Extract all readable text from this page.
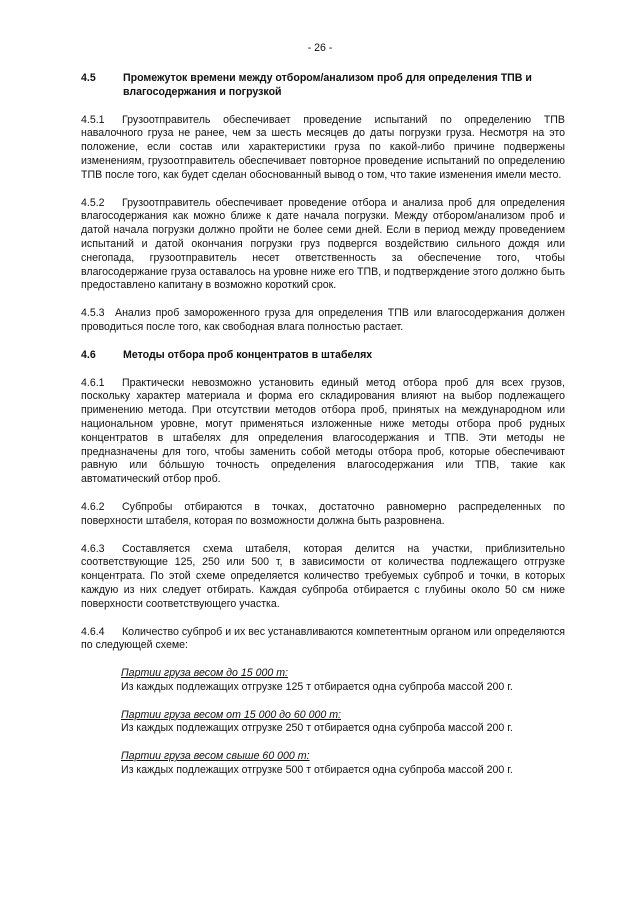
- 26 -
4.5	Промежуток времени между отбором/анализом проб для определения ТПВ и влагосодержания и погрузкой

4.5.1 Грузоотправитель обеспечивает проведение испытаний по определению ТПВ навалочного груза не ранее, чем за шесть месяцев до даты погрузки груза. Несмотря на это положение, если состав или характеристики груза по какой-либо причине подвержены изменениям, грузоотправитель обеспечивает повторное проведение испытаний по определению ТПВ после того, как будет сделан обоснованный вывод о том, что такие изменения имели место.

4.5.2 Грузоотправитель обеспечивает проведение отбора и анализа проб для определения влагосодержания как можно ближе к дате начала погрузки. Между отбором/анализом проб и датой начала погрузки должно пройти не более семи дней. Если в период между проведением испытаний и датой окончания погрузки груз подвергся воздействию сильного дождя или снегопада, грузоотправитель несет ответственность за обеспечение того, чтобы влагосодержание груза оставалось на уровне ниже его ТПВ, и подтверждение этого должно быть предоставлено капитану в возможно короткий срок.

4.5.3 Анализ проб замороженного груза для определения ТПВ или влагосодержания должен проводиться после того, как свободная влага полностью растает.

4.6	Методы отбора проб концентратов в штабелях

4.6.1 Практически невозможно установить единый метод отбора проб для всех грузов, поскольку характер материала и форма его складирования влияют на выбор подлежащего применению метода. При отсутствии методов отбора проб, принятых на международном или национальном уровне, могут применяться изложенные ниже методы отбора проб рудных концентратов в штабелях для определения влагосодержания и ТПВ. Эти методы не предназначены для того, чтобы заменить собой методы отбора проб, которые обеспечивают равную или бо́льшую точность определения влагосодержания или ТПВ, такие как автоматический отбор проб.

4.6.2 Субпробы отбираются в точках, достаточно равномерно распределенных по поверхности штабеля, которая по возможности должна быть разровнена.

4.6.3 Составляется схема штабеля, которая делится на участки, приблизительно соответствующие 125, 250 или 500 т, в зависимости от количества подлежащего отгрузке концентрата. По этой схеме определяется количество требуемых субпроб и точки, в которых каждую из них следует отбирать. Каждая субпроба отбирается с глубины около 50 см ниже поверхности соответствующего участка.

4.6.4 Количество субпроб и их вес устанавливаются компетентным органом или определяются по следующей схеме:

Партии груза весом до 15 000 т:
Из каждых подлежащих отгрузке 125 т отбирается одна субпроба массой 200 г.
Партии груза весом от 15 000 до 60 000 т:
Из каждых подлежащих отгрузке 250 т отбирается одна субпроба массой 200 г.
Партии груза весом свыше 60 000 т:
Из каждых подлежащих отгрузке 500 т отбирается одна субпроба массой 200 г.
